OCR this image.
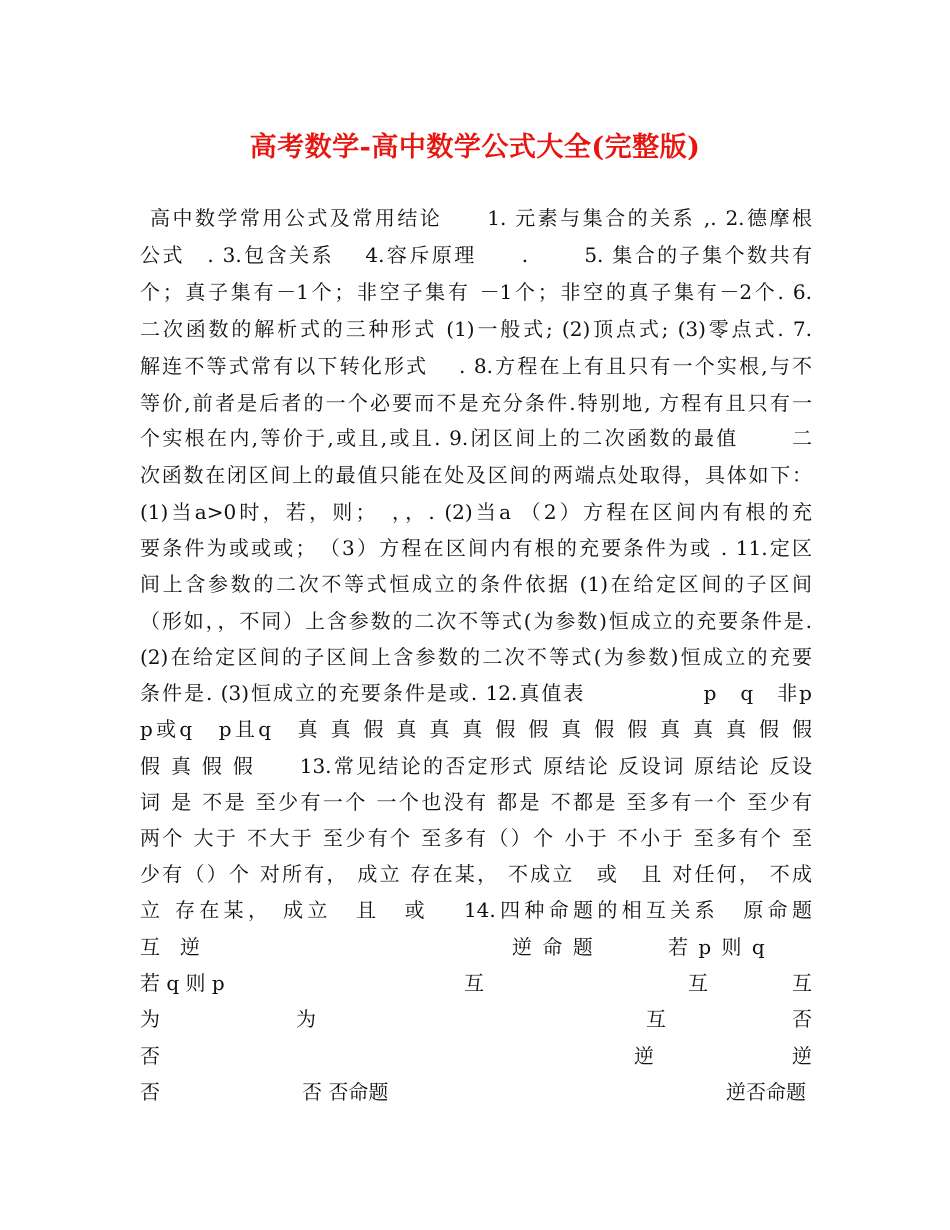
高考数学-高中数学公式大全(完整版)
高中数学常用公式及常用结论　　1. 元素与集合的关系 ,. 2.德摩根
公式　. 3.包含关系　 4.容斥原理　　.　　 5. 集合的子集个数共有
个；真子集有－1个；非空子集有 －1个；非空的真子集有－2个. 6.
二次函数的解析式的三种形式 (1)一般式; (2)顶点式; (3)零点式. 7.
解连不等式常有以下转化形式　 . 8.方程在上有且只有一个实根,与不
等价,前者是后者的一个必要而不是充分条件.特别地, 方程有且只有一
个实根在内,等价于,或且,或且. 9.闭区间上的二次函数的最值　　 二
次函数在闭区间上的最值只能在处及区间的两端点处取得，具体如下：
(1)当a>0时，若，则；　，，. (2)当a （2）方程在区间内有根的充
要条件为或或或；　（3）方程在区间内有根的充要条件为或 . 11.定区
间上含参数的二次不等式恒成立的条件依据 (1)在给定区间的子区间
（形如，，不同）上含参数的二次不等式(为参数)恒成立的充要条件是.
(2)在给定区间的子区间上含参数的二次不等式(为参数)恒成立的充要
条件是. (3)恒成立的充要条件是或. 12.真值表　　　　　 p　q　非p
p或q　p且q　真 真 假 真 真 真 假 假 真 假 假 真 真 真 假 假
假 真 假 假　　13.常见结论的否定形式 原结论 反设词 原结论 反设
词 是 不是 至少有一个 一个也没有 都是 不都是 至多有一个 至少有
两个 大于 不大于 至少有个 至多有（）个 小于 不小于 至多有个 至
少有（）个 对所有， 成立 存在某， 不成立　或　且 对任何， 不成
立 存在某， 成立　且　或　 14.四种命题的相互关系　原命题
互　逆	逆 命 题	若 p 则 q
若 q 则 p	互	互	互
为	为	互	否
否	逆	逆
否	否 否命题	逆否命题
